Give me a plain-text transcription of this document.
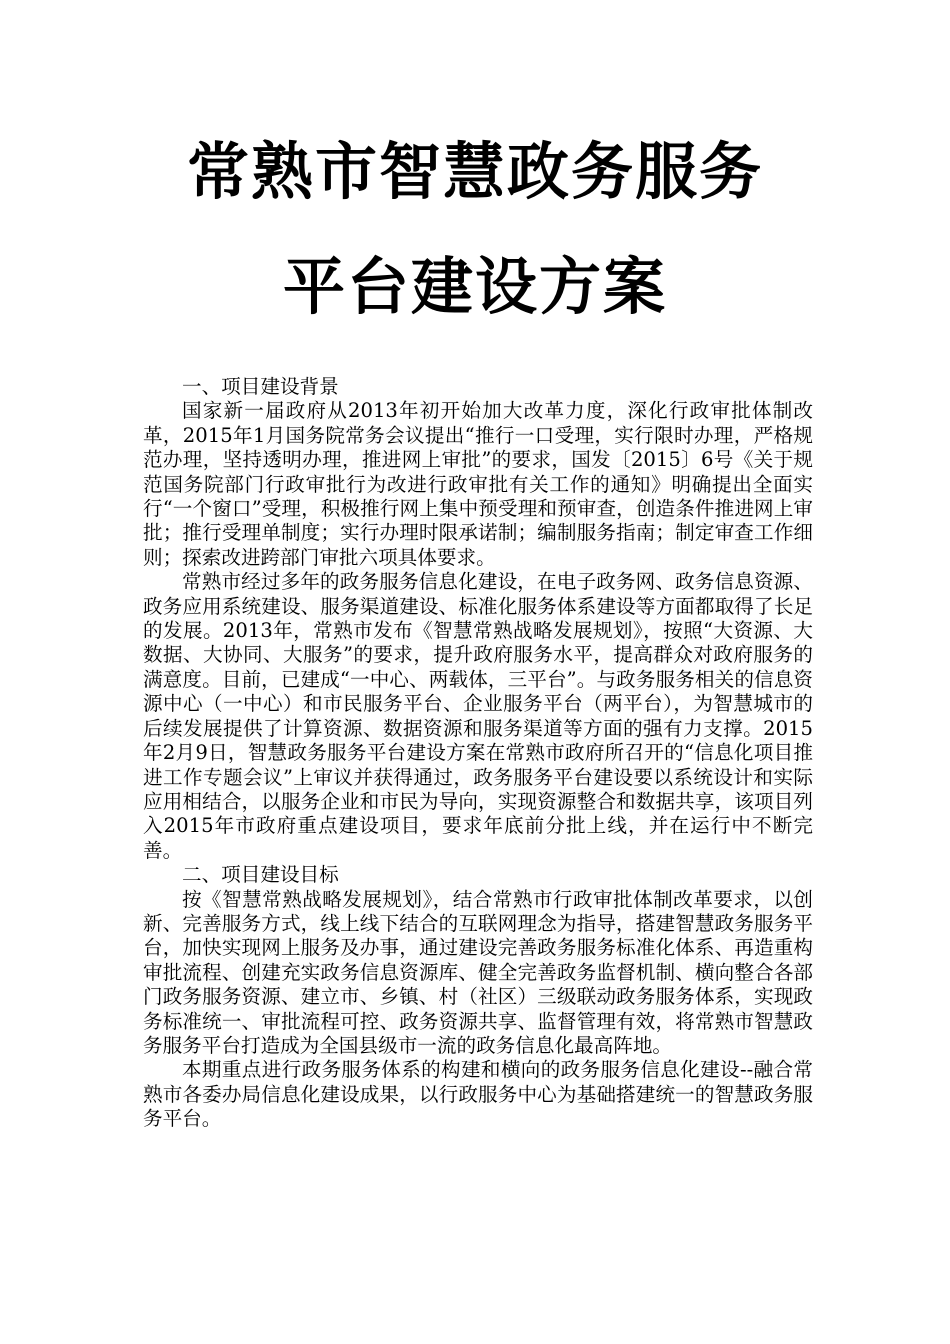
常熟市智慧政务服务
平台建设方案

一、项目建设背景

国家新一届政府从2013年初开始加大改革力度，深化行政审批体制改革，2015年1月国务院常务会议提出“推行一口受理，实行限时办理，严格规范办理，坚持透明办理，推进网上审批”的要求，国发〔2015〕6号《关于规范国务院部门行政审批行为改进行政审批有关工作的通知》明确提出全面实行“一个窗口”受理，积极推行网上集中预受理和预审查，创造条件推进网上审批；推行受理单制度；实行办理时限承诺制；编制服务指南；制定审查工作细则；探索改进跨部门审批六项具体要求。

常熟市经过多年的政务服务信息化建设，在电子政务网、政务信息资源、政务应用系统建设、服务渠道建设、标准化服务体系建设等方面都取得了长足的发展。2013年，常熟市发布《智慧常熟战略发展规划》，按照“大资源、大数据、大协同、大服务”的要求，提升政府服务水平，提高群众对政府服务的满意度。目前，已建成“一中心、两载体，三平台”。与政务服务相关的信息资源中心（一中心）和市民服务平台、企业服务平台（两平台），为智慧城市的后续发展提供了计算资源、数据资源和服务渠道等方面的强有力支撑。2015年2月9日，智慧政务服务平台建设方案在常熟市政府所召开的“信息化项目推进工作专题会议”上审议并获得通过，政务服务平台建设要以系统设计和实际应用相结合，以服务企业和市民为导向，实现资源整合和数据共享，该项目列入2015年市政府重点建设项目，要求年底前分批上线，并在运行中不断完善。

二、项目建设目标

按《智慧常熟战略发展规划》，结合常熟市行政审批体制改革要求，以创新、完善服务方式，线上线下结合的互联网理念为指导，搭建智慧政务服务平台，加快实现网上服务及办事，通过建设完善政务服务标准化体系、再造重构审批流程、创建充实政务信息资源库、健全完善政务监督机制、横向整合各部门政务服务资源、建立市、乡镇、村（社区）三级联动政务服务体系，实现政务标准统一、审批流程可控、政务资源共享、监督管理有效，将常熟市智慧政务服务平台打造成为全国县级市一流的政务信息化最高阵地。

本期重点进行政务服务体系的构建和横向的政务服务信息化建设--融合常熟市各委办局信息化建设成果，以行政服务中心为基础搭建统一的智慧政务服务平台。
